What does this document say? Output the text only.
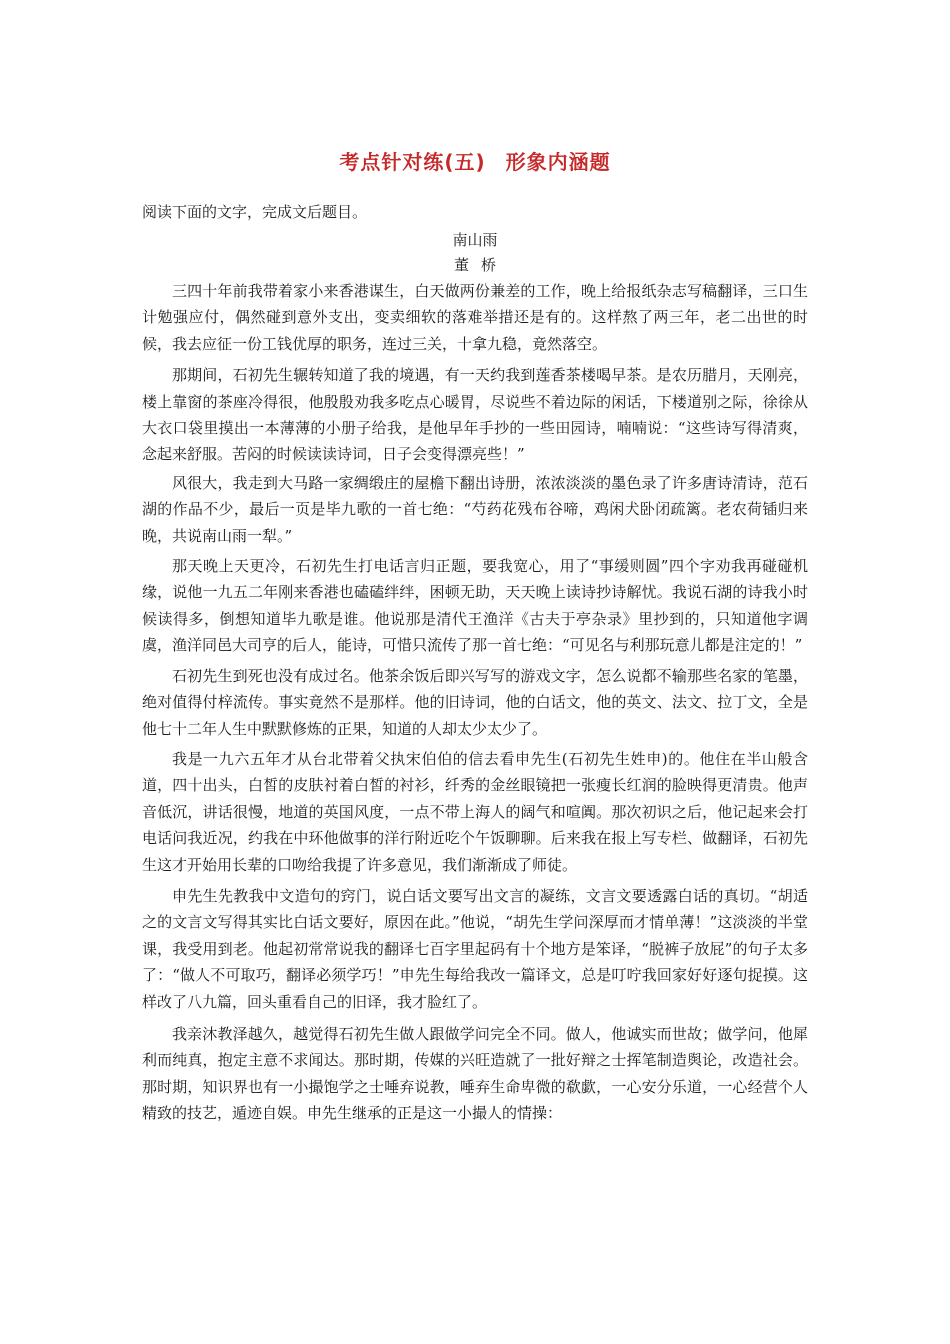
考点针对练(五) 形象内涵题
阅读下面的文字，完成文后题目。
南山雨
董桥

三四十年前我带着家小来香港谋生，白天做两份兼差的工作，晚上给报纸杂志写稿翻译，三口生计勉强应付，偶然碰到意外支出，变卖细软的落难举措还是有的。这样熬了两三年，老二出世的时候，我去应征一份工钱优厚的职务，连过三关，十拿九稳，竟然落空。

那期间，石初先生辗转知道了我的境遇，有一天约我到莲香茶楼喝早茶。是农历腊月，天刚亮，楼上靠窗的茶座冷得很，他殷殷劝我多吃点心暖胃，尽说些不着边际的闲话，下楼道别之际，徐徐从大衣口袋里摸出一本薄薄的小册子给我，是他早年手抄的一些田园诗，喃喃说：“这些诗写得清爽，念起来舒服。苦闷的时候读读诗词，日子会变得漂亮些！”

风很大，我走到大马路一家绸缎庄的屋檐下翻出诗册，浓浓淡淡的墨色录了许多唐诗清诗，范石湖的作品不少，最后一页是毕九歌的一首七绝：“芍药花残布谷啼，鸡闲犬卧闭疏篱。老农荷锸归来晚，共说南山雨一犁。”

那天晚上天更冷，石初先生打电话言归正题，要我宽心，用了“事缓则圆”四个字劝我再碰碰机缘，说他一九五二年刚来香港也磕磕绊绊，困顿无助，天天晚上读诗抄诗解忧。我说石湖的诗我小时候读得多，倒想知道毕九歌是谁。他说那是清代王渔洋《古夫于亭杂录》里抄到的，只知道他字调虞，渔洋同邑大司亨的后人，能诗，可惜只流传了那一首七绝：“可见名与利那玩意儿都是注定的！”

石初先生到死也没有成过名。他茶余饭后即兴写写的游戏文字，怎么说都不输那些名家的笔墨，绝对值得付梓流传。事实竟然不是那样。他的旧诗词，他的白话文，他的英文、法文、拉丁文，全是他七十二年人生中默默修炼的正果，知道的人却太少太少了。

我是一九六五年才从台北带着父执宋伯伯的信去看申先生(石初先生姓申)的。他住在半山般含道，四十出头，白皙的皮肤衬着白皙的衬衫，纤秀的金丝眼镜把一张瘦长红润的脸映得更清贵。他声音低沉，讲话很慢，地道的英国风度，一点不带上海人的阔气和喧阗。那次初识之后，他记起来会打电话问我近况，约我在中环他做事的洋行附近吃个午饭聊聊。后来我在报上写专栏、做翻译，石初先生这才开始用长辈的口吻给我提了许多意见，我们渐渐成了师徒。

申先生先教我中文造句的窍门，说白话文要写出文言的凝练，文言文要透露白话的真切。“胡适之的文言文写得其实比白话文要好，原因在此。”他说，“胡先生学问深厚而才情单薄！”这淡淡的半堂课，我受用到老。他起初常常说我的翻译七百字里起码有十个地方是笨译，“脱裤子放屁”的句子太多了：“做人不可取巧，翻译必须学巧！”申先生每给我改一篇译文，总是叮咛我回家好好逐句捉摸。这样改了八九篇，回头重看自己的旧译，我才脸红了。

我亲沐教泽越久，越觉得石初先生做人跟做学问完全不同。做人，他诚实而世故；做学问，他犀利而纯真，抱定主意不求闻达。那时期，传媒的兴旺造就了一批好辩之士挥笔制造舆论，改造社会。那时期，知识界也有一小撮饱学之士唾弃说教，唾弃生命卑微的欷歔，一心安分乐道，一心经营个人精致的技艺，遁迹自娱。申先生继承的正是这一小撮人的情操：
